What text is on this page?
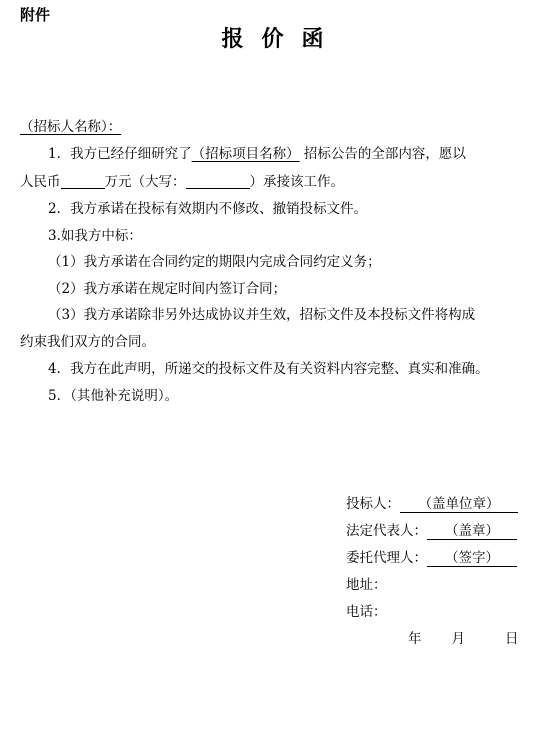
附件
报价函
（招标人名称）：
1．我方已经仔细研究了（招标项目名称） 招标公告的全部内容，愿以
人民币	万元（大写：	）承接该工作。
2．我方承诺在投标有效期内不修改、撤销投标文件。
3.如我方中标：
（1）我方承诺在合同约定的期限内完成合同约定义务；
（2）我方承诺在规定时间内签订合同；
（3）我方承诺除非另外达成协议并生效，招标文件及本投标文件将构成
约束我们双方的合同。
4．我方在此声明，所递交的投标文件及有关资料内容完整、真实和准确。
5．（其他补充说明）。
投标人： （盖单位章）
法定代表人： （盖章）
委托代理人： （签字）
地址：
电话：
年 月	日
